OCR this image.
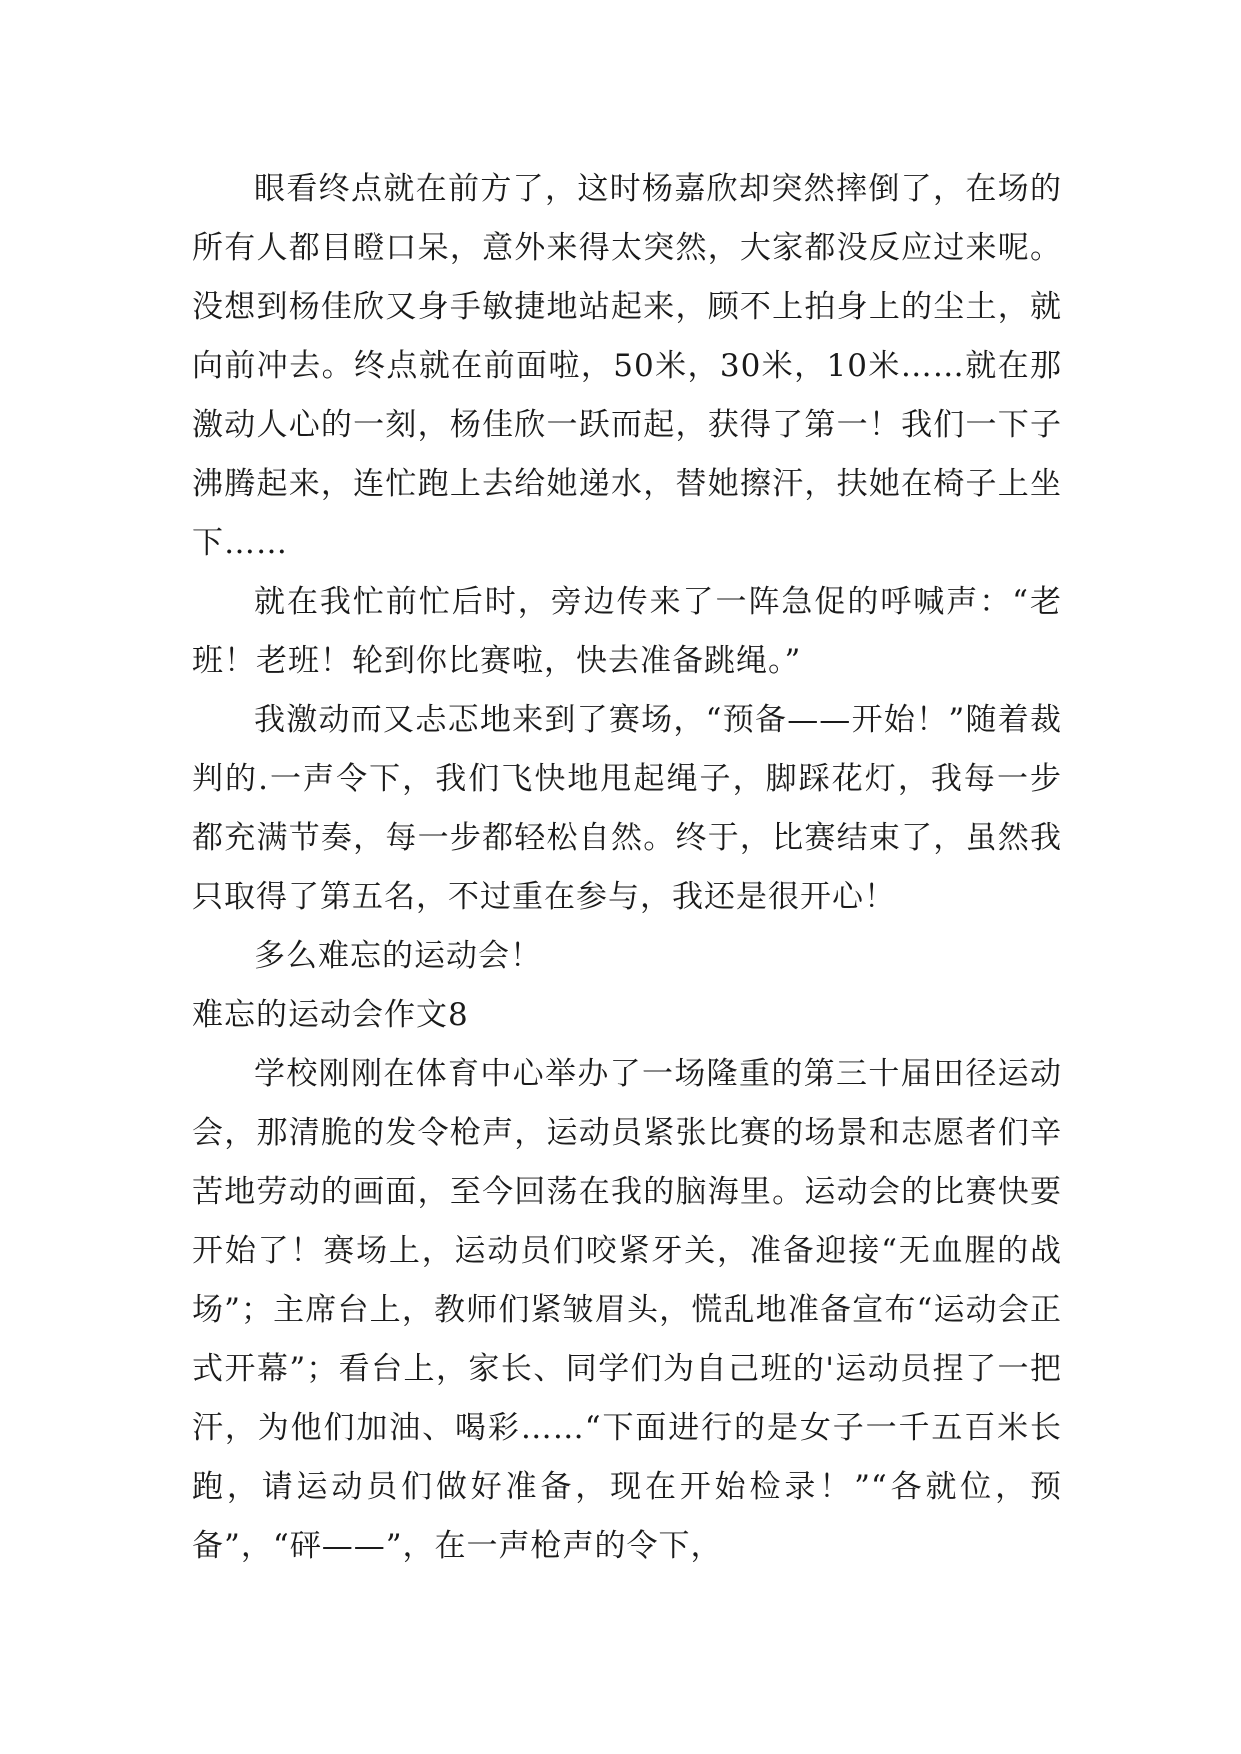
眼看终点就在前方了，这时杨嘉欣却突然摔倒了，在场的所有人都目瞪口呆，意外来得太突然，大家都没反应过来呢。没想到杨佳欣又身手敏捷地站起来，顾不上拍身上的尘土，就向前冲去。终点就在前面啦，50米，30米，10米……就在那激动人心的一刻，杨佳欣一跃而起，获得了第一！我们一下子沸腾起来，连忙跑上去给她递水，替她擦汗，扶她在椅子上坐下……

就在我忙前忙后时，旁边传来了一阵急促的呼喊声：“老班！老班！轮到你比赛啦，快去准备跳绳。”

我激动而又忐忑地来到了赛场，“预备——开始！”随着裁判的.一声令下，我们飞快地甩起绳子，脚踩花灯，我每一步都充满节奏，每一步都轻松自然。终于，比赛结束了，虽然我只取得了第五名，不过重在参与，我还是很开心！

多么难忘的运动会！

难忘的运动会作文8

学校刚刚在体育中心举办了一场隆重的第三十届田径运动会，那清脆的发令枪声，运动员紧张比赛的场景和志愿者们辛苦地劳动的画面，至今回荡在我的脑海里。运动会的比赛快要开始了！赛场上，运动员们咬紧牙关，准备迎接“无血腥的战场”；主席台上，教师们紧皱眉头，慌乱地准备宣布“运动会正式开幕”；看台上，家长、同学们为自己班的'运动员捏了一把汗，为他们加油、喝彩……“下面进行的是女子一千五百米长跑，请运动员们做好准备，现在开始检录！”“各就位，预备”，“砰——”，在一声枪声的令下，
